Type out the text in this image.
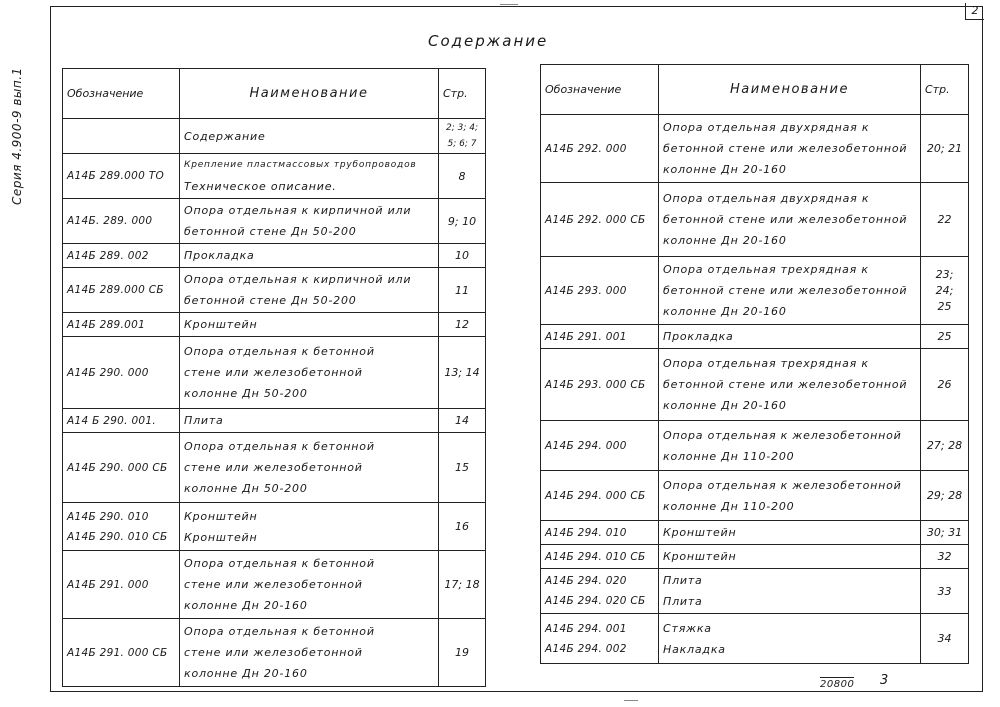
2
Серия 4.900-9 вып.1
Содержание
Обозначение	Наименование	Стр.

	Содержание	2; 3; 4;
5; 6; 7

А14Б 289.000 ТО	Крепление пластмассовых трубопроводов
Техническое описание.	8

А14Б. 289. 000	Опора отдельная к кирпичной или
бетонной стене Дн 50-200	9; 10

А14Б 289. 002	Прокладка	10

А14Б 289.000 СБ	Опора отдельная к кирпичной или
бетонной стене Дн 50-200	11

А14Б 289.001	Кронштейн	12

А14Б 290. 000	Опора отдельная к бетонной
стене или железобетонной
колонне Дн 50-200	13; 14

А14 Б 290. 001.	Плита	14

А14Б 290. 000 СБ	Опора отдельная к бетонной
стене или железобетонной
колонне Дн 50-200	15

А14Б 290. 010
А14Б 290. 010 СБ	Кронштейн
Кронштейн	16

А14Б 291. 000	Опора отдельная к бетонной
стене или железобетонной
колонне Дн 20-160	17; 18

А14Б 291. 000 СБ	Опора отдельная к бетонной
стене или железобетонной
колонне Дн 20-160	19
Обозначение	Наименование	Стр.

А14Б 292. 000	Опора отдельная двухрядная к
бетонной стене или железобетонной
колонне Дн 20-160	20; 21

А14Б 292. 000 СБ	Опора отдельная двухрядная к
бетонной стене или железобетонной
колонне Дн 20-160	22

А14Б 293. 000	Опора отдельная трехрядная к
бетонной стене или железобетонной
колонне Дн 20-160	23;
24;
25

А14Б 291. 001	Прокладка	25

А14Б 293. 000 СБ	Опора отдельная трехрядная к
бетонной стене или железобетонной
колонне Дн 20-160	26

А14Б 294. 000	Опора отдельная к железобетонной
колонне Дн 110-200	27; 28

А14Б 294. 000 СБ	Опора отдельная к железобетонной
колонне Дн 110-200	29; 28

А14Б 294. 010	Кронштейн	30; 31

А14Б 294. 010 СБ	Кронштейн	32

А14Б 294. 020
А14Б 294. 020 СБ	Плита
Плита	33

А14Б 294. 001
А14Б 294. 002	Стяжка
Накладка	34
20800 3
